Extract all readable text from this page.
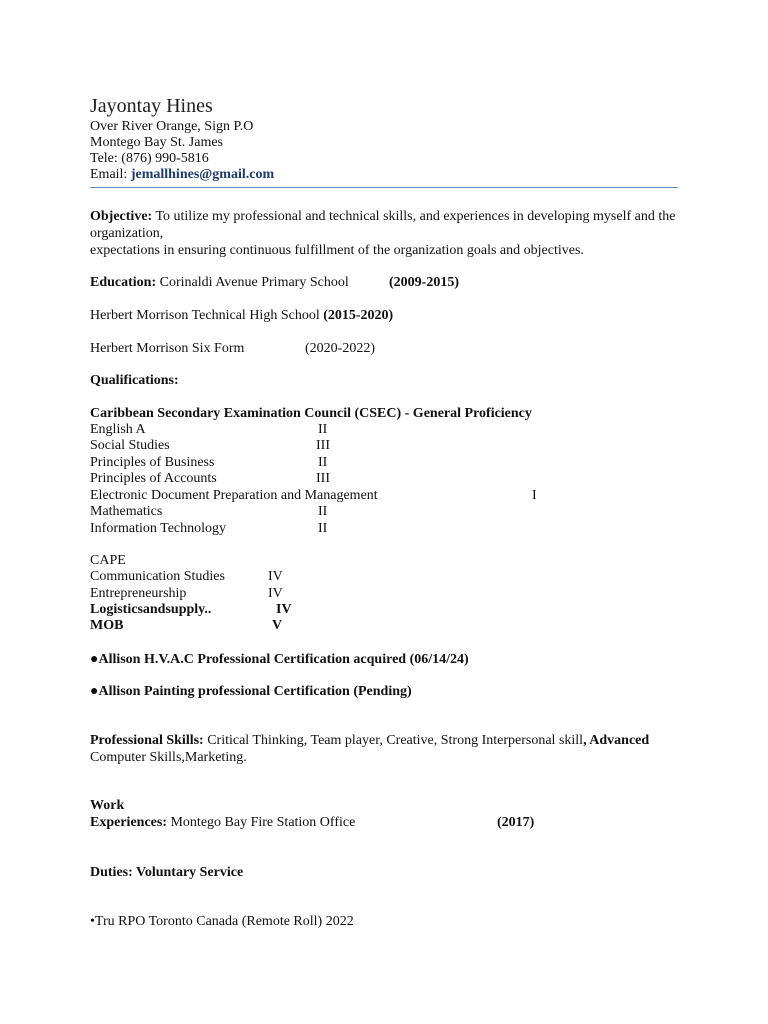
Jayontay Hines
Over River Orange, Sign P.O
Montego Bay St. James
Tele: (876) 990-5816
Email: jemallhines@gmail.com
Objective: To utilize my professional and technical skills, and experiences in developing myself and the
organization,
expectations in ensuring continuous fulfillment of the organization goals and objectives.
Education: Corinaldi Avenue Primary School	(2009-2015)
Herbert Morrison Technical High School (2015-2020)
Herbert Morrison Six Form	(2020-2022)
Qualifications:
Caribbean Secondary Examination Council (CSEC) - General Proficiency
English A	II
Social Studies	III
Principles of Business	II
Principles of Accounts	III
Electronic Document Preparation and Management	I
Mathematics	II
Information Technology	II
CAPE
Communication Studies	IV
Entrepreneurship	IV
Logisticsandsupply..	IV
MOB	V
●Allison H.V.A.C Professional Certification acquired (06/14/24)
●Allison Painting professional Certification (Pending)
Professional Skills: Critical Thinking, Team player, Creative, Strong Interpersonal skill, Advanced
Computer Skills,Marketing.
Work
Experiences: Montego Bay Fire Station Office	(2017)
Duties: Voluntary Service
•Tru RPO Toronto Canada (Remote Roll) 2022
